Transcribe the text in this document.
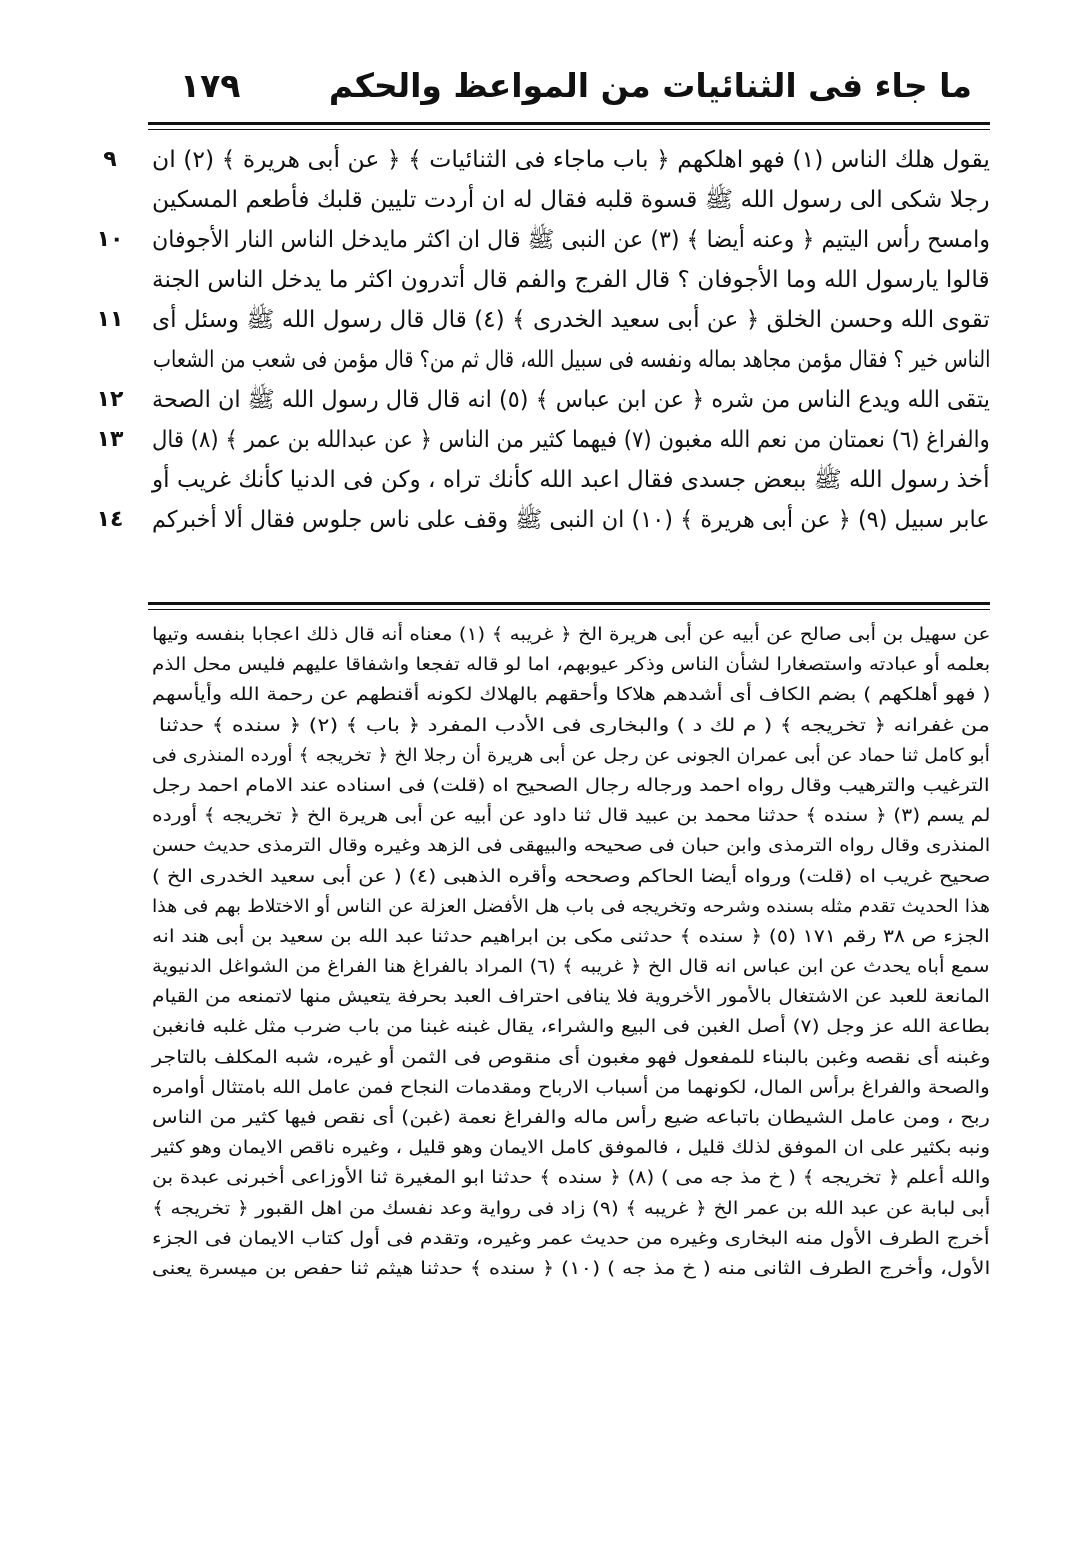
ما جاء فى الثنائيات من المواعظ والحكم
١٧٩
٩
١٠
١١
١٢
١٣
١٤
يقول هلك الناس (١) فهو اهلكهم ﴿ باب ماجاء فى الثنائيات ﴾ ﴿ عن أبى هريرة ﴾ (٢) ان
رجلا شكى الى رسول الله ﷺ قسوة قلبه فقال له ان أردت تليين قلبك فأطعم المسكين
وامسح رأس اليتيم ﴿ وعنه أيضا ﴾ (٣) عن النبى ﷺ قال ان اكثر مايدخل الناس النار الأجوفان
قالوا يارسول الله وما الأجوفان ؟ قال الفرج والفم قال أتدرون اكثر ما يدخل الناس الجنة
تقوى الله وحسن الخلق ﴿ عن أبى سعيد الخدرى ﴾ (٤) قال قال رسول الله ﷺ وسئل أى
الناس خير ؟ فقال مؤمن مجاهد بماله ونفسه فى سبيل الله، قال ثم من؟ قال مؤمن فى شعب من الشعاب
يتقى الله ويدع الناس من شره ﴿ عن ابن عباس ﴾ (٥) انه قال قال رسول الله ﷺ ان الصحة
والفراغ (٦) نعمتان من نعم الله مغبون (٧) فيهما كثير من الناس ﴿ عن عبدالله بن عمر ﴾ (٨) قال
أخذ رسول الله ﷺ ببعض جسدى فقال اعبد الله كأنك تراه ، وكن فى الدنيا كأنك غريب أو
عابر سبيل (٩) ﴿ عن أبى هريرة ﴾ (١٠) ان النبى ﷺ وقف على ناس جلوس فقال ألا أخبركم
عن سهيل بن أبى صالح عن أبيه عن أبى هريرة الخ ﴿ غريبه ﴾ (١) معناه أنه قال ذلك اعجابا بنفسه وتيها
بعلمه أو عبادته واستصغارا لشأن الناس وذكر عيوبهم، اما لو قاله تفجعا واشفاقا عليهم فليس محل الذم
( فهو أهلكهم ) بضم الكاف أى أشدهم هلاكا وأحقهم بالهلاك لكونه أقنطهم عن رحمة الله وأيأسهم
من غفرانه ﴿ تخريجه ﴾ ( م لك د ) والبخارى فى الأدب المفرد ﴿ باب ﴾ (٢) ﴿ سنده ﴾ حدثنا
أبو كامل ثنا حماد عن أبى عمران الجونى عن رجل عن أبى هريرة أن رجلا الخ ﴿ تخريجه ﴾ أورده المنذرى فى
الترغيب والترهيب وقال رواه احمد ورجاله رجال الصحيح اه (قلت) فى اسناده عند الامام احمد رجل
لم يسم (٣) ﴿ سنده ﴾ حدثنا محمد بن عبيد قال ثنا داود عن أبيه عن أبى هريرة الخ ﴿ تخريجه ﴾ أورده
المنذرى وقال رواه الترمذى وابن حبان فى صحيحه والبيهقى فى الزهد وغيره وقال الترمذى حديث حسن
صحيح غريب اه (قلت) ورواه أيضا الحاكم وصححه وأقره الذهبى (٤) ( عن أبى سعيد الخدرى الخ )
هذا الحديث تقدم مثله بسنده وشرحه وتخريجه فى باب هل الأفضل العزلة عن الناس أو الاختلاط بهم فى هذا
الجزء ص ٣٨ رقم ١٧١ (٥) ﴿ سنده ﴾ حدثنى مكى بن ابراهيم حدثنا عبد الله بن سعيد بن أبى هند انه
سمع أباه يحدث عن ابن عباس انه قال الخ ﴿ غريبه ﴾ (٦) المراد بالفراغ هنا الفراغ من الشواغل الدنيوية
المانعة للعبد عن الاشتغال بالأمور الأخروية فلا ينافى احتراف العبد بحرفة يتعيش منها لاتمنعه من القيام
بطاعة الله عز وجل (٧) أصل الغبن فى البيع والشراء، يقال غبنه غبنا من باب ضرب مثل غلبه فانغبن
وغبنه أى نقصه وغبن بالبناء للمفعول فهو مغبون أى منقوص فى الثمن أو غيره، شبه المكلف بالتاجر
والصحة والفراغ برأس المال، لكونهما من أسباب الارباح ومقدمات النجاح فمن عامل الله بامتثال أوامره
ربح ، ومن عامل الشيطان باتباعه ضيع رأس ماله والفراغ نعمة (غبن) أى نقص فيها كثير من الناس
ونبه بكثير على ان الموفق لذلك قليل ، فالموفق كامل الايمان وهو قليل ، وغيره ناقص الايمان وهو كثير
والله أعلم ﴿ تخريجه ﴾ ( خ مذ جه مى ) (٨) ﴿ سنده ﴾ حدثنا ابو المغيرة ثنا الأوزاعى أخبرنى عبدة بن
أبى لبابة عن عبد الله بن عمر الخ ﴿ غريبه ﴾ (٩) زاد فى رواية وعد نفسك من اهل القبور ﴿ تخريجه ﴾
أخرج الطرف الأول منه البخارى وغيره من حديث عمر وغيره، وتقدم فى أول كتاب الايمان فى الجزء
الأول، وأخرج الطرف الثانى منه ( خ مذ جه ) (١٠) ﴿ سنده ﴾ حدثنا هيثم ثنا حفص بن ميسرة يعنى
